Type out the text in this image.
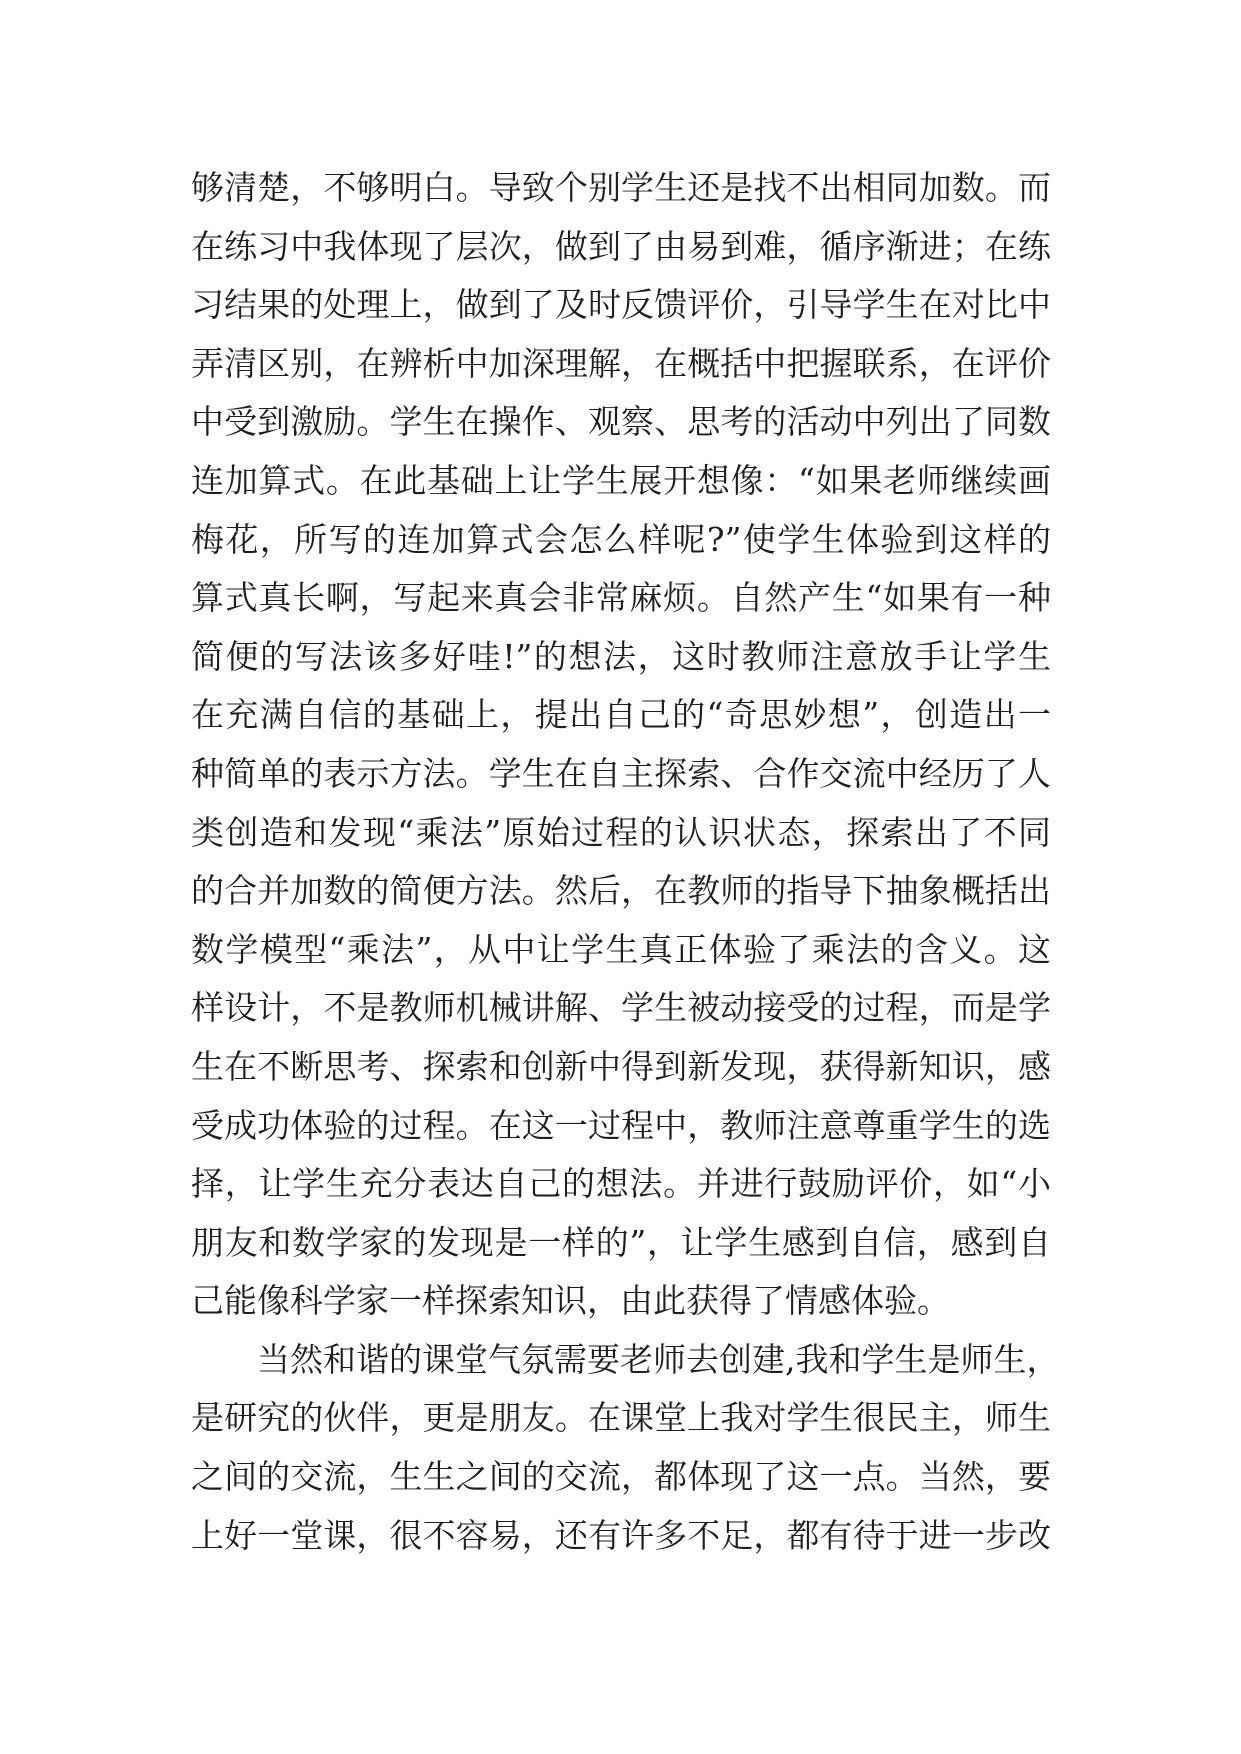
够清楚，不够明白。导致个别学生还是找不出相同加数。而
在练习中我体现了层次，做到了由易到难，循序渐进；在练
习结果的处理上，做到了及时反馈评价，引导学生在对比中
弄清区别，在辨析中加深理解，在概括中把握联系，在评价
中受到激励。学生在操作、观察、思考的活动中列出了同数
连加算式。在此基础上让学生展开想像：“如果老师继续画
梅花，所写的连加算式会怎么样呢?”使学生体验到这样的
算式真长啊，写起来真会非常麻烦。自然产生“如果有一种
简便的写法该多好哇!”的想法，这时教师注意放手让学生
在充满自信的基础上，提出自己的“奇思妙想”，创造出一
种简单的表示方法。学生在自主探索、合作交流中经历了人
类创造和发现“乘法”原始过程的认识状态，探索出了不同
的合并加数的简便方法。然后，在教师的指导下抽象概括出
数学模型“乘法”，从中让学生真正体验了乘法的含义。这
样设计，不是教师机械讲解、学生被动接受的过程，而是学
生在不断思考、探索和创新中得到新发现，获得新知识，感
受成功体验的过程。在这一过程中，教师注意尊重学生的选
择，让学生充分表达自己的想法。并进行鼓励评价，如“小
朋友和数学家的发现是一样的”，让学生感到自信，感到自
己能像科学家一样探索知识，由此获得了情感体验。
当然和谐的课堂气氛需要老师去创建,我和学生是师生，
是研究的伙伴，更是朋友。在课堂上我对学生很民主，师生
之间的交流，生生之间的交流，都体现了这一点。当然，要
上好一堂课，很不容易，还有许多不足，都有待于进一步改
